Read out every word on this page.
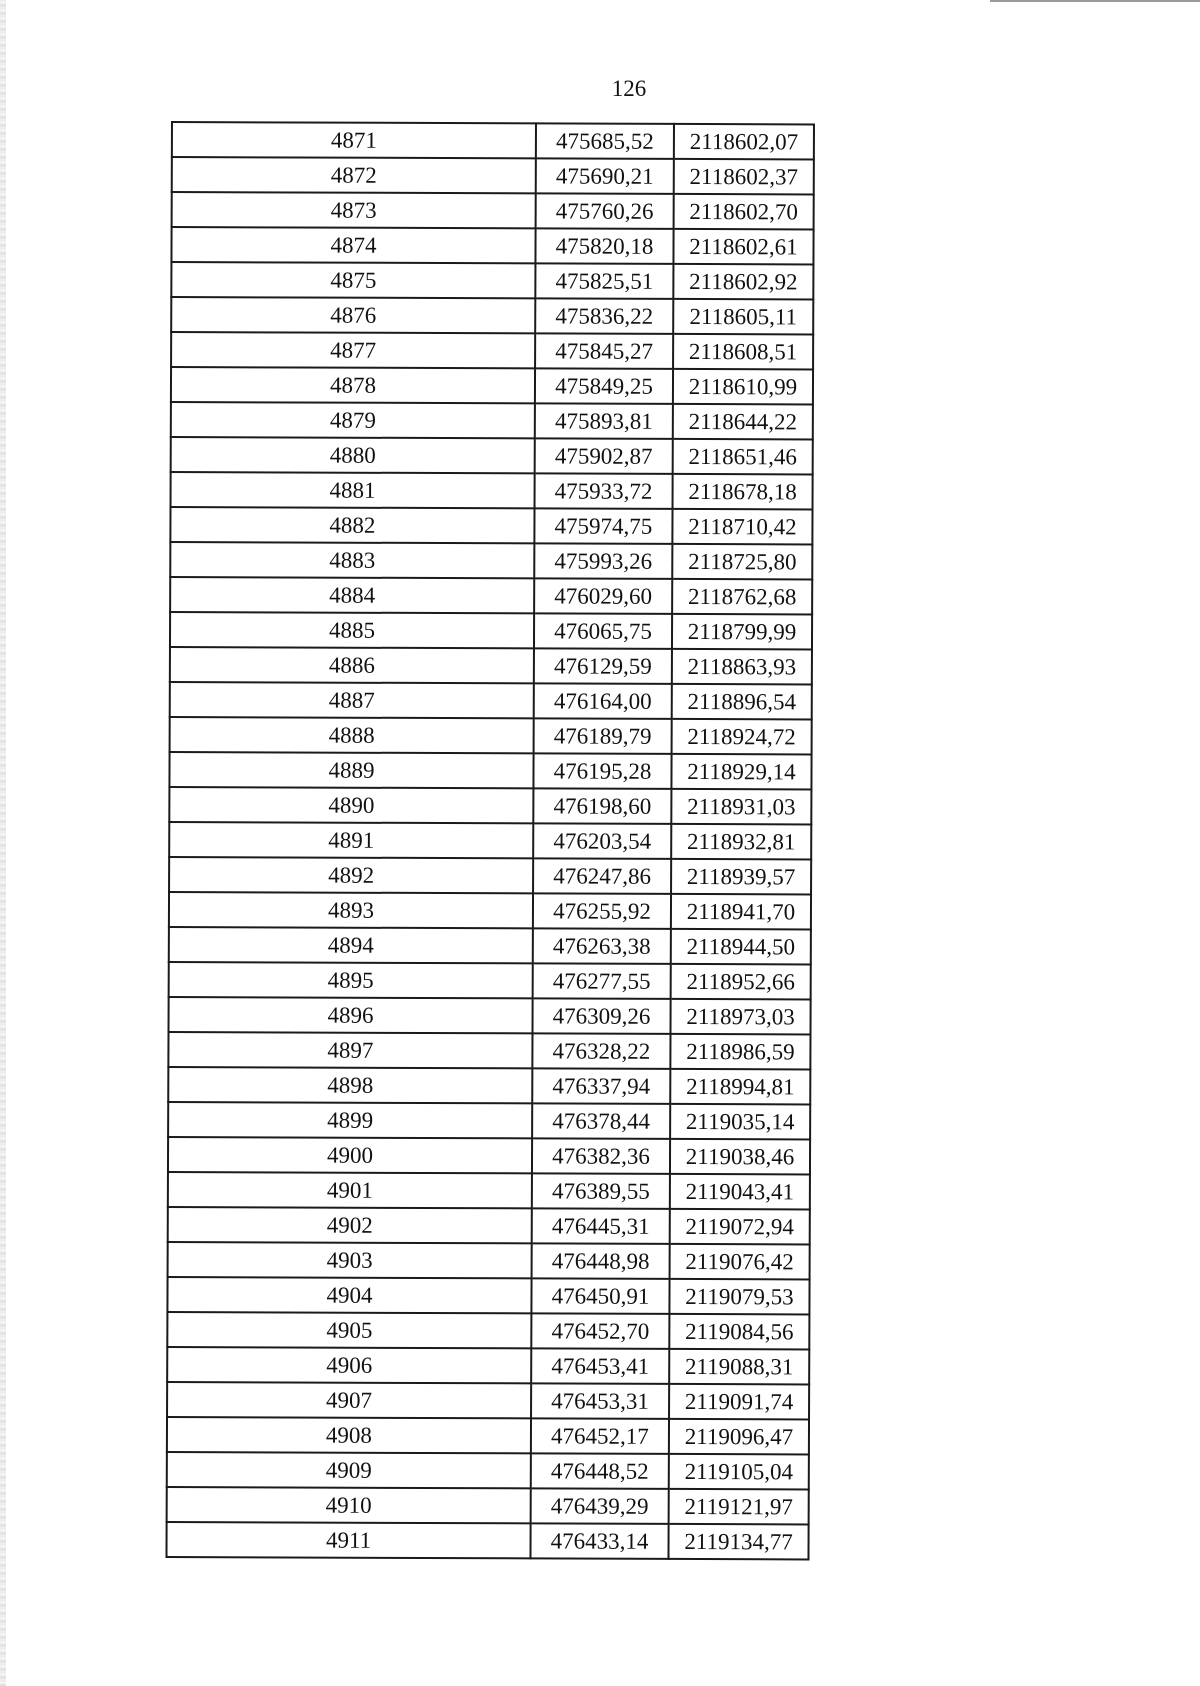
126
4871	475685,52	2118602,07
4872	475690,21	2118602,37
4873	475760,26	2118602,70
4874	475820,18	2118602,61
4875	475825,51	2118602,92
4876	475836,22	2118605,11
4877	475845,27	2118608,51
4878	475849,25	2118610,99
4879	475893,81	2118644,22
4880	475902,87	2118651,46
4881	475933,72	2118678,18
4882	475974,75	2118710,42
4883	475993,26	2118725,80
4884	476029,60	2118762,68
4885	476065,75	2118799,99
4886	476129,59	2118863,93
4887	476164,00	2118896,54
4888	476189,79	2118924,72
4889	476195,28	2118929,14
4890	476198,60	2118931,03
4891	476203,54	2118932,81
4892	476247,86	2118939,57
4893	476255,92	2118941,70
4894	476263,38	2118944,50
4895	476277,55	2118952,66
4896	476309,26	2118973,03
4897	476328,22	2118986,59
4898	476337,94	2118994,81
4899	476378,44	2119035,14
4900	476382,36	2119038,46
4901	476389,55	2119043,41
4902	476445,31	2119072,94
4903	476448,98	2119076,42
4904	476450,91	2119079,53
4905	476452,70	2119084,56
4906	476453,41	2119088,31
4907	476453,31	2119091,74
4908	476452,17	2119096,47
4909	476448,52	2119105,04
4910	476439,29	2119121,97
4911	476433,14	2119134,77
